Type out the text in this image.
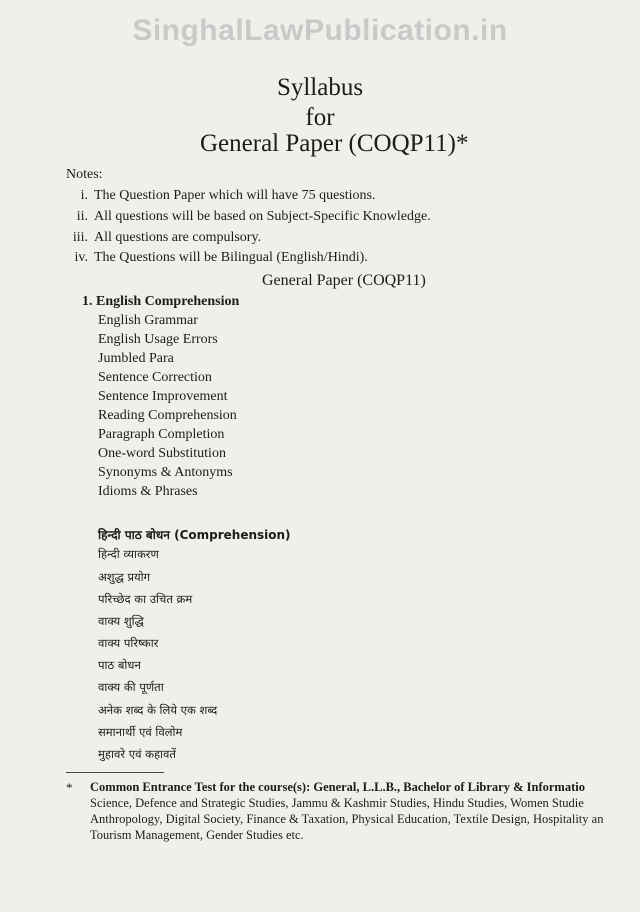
SinghalLawPublication.in
Syllabus
for
General Paper (COQP11)*
Notes:
i. The Question Paper which will have 75 questions.
ii. All questions will be based on Subject-Specific Knowledge.
iii. All questions are compulsory.
iv. The Questions will be Bilingual (English/Hindi).
General Paper (COQP11)
1. English Comprehension
English Grammar
English Usage Errors
Jumbled Para
Sentence Correction
Sentence Improvement
Reading Comprehension
Paragraph Completion
One-word Substitution
Synonyms & Antonyms
Idioms & Phrases
हिन्दी पाठ बोधन (Comprehension)
हिन्दी व्याकरण
अशुद्ध प्रयोग
परिच्छेद का उचित क्रम
वाक्य शुद्धि
वाक्य परिष्कार
पाठ बोधन
वाक्य की पूर्णता
अनेक शब्द के लिये एक शब्द
समानार्थी एवं विलोम
मुहावरे एवं कहावतें
* Common Entrance Test for the course(s): General, L.L.B., Bachelor of Library & Informatio
Science, Defence and Strategic Studies, Jammu & Kashmir Studies, Hindu Studies, Women Studie
Anthropology, Digital Society, Finance & Taxation, Physical Education, Textile Design, Hospitality an
Tourism Management, Gender Studies etc.
